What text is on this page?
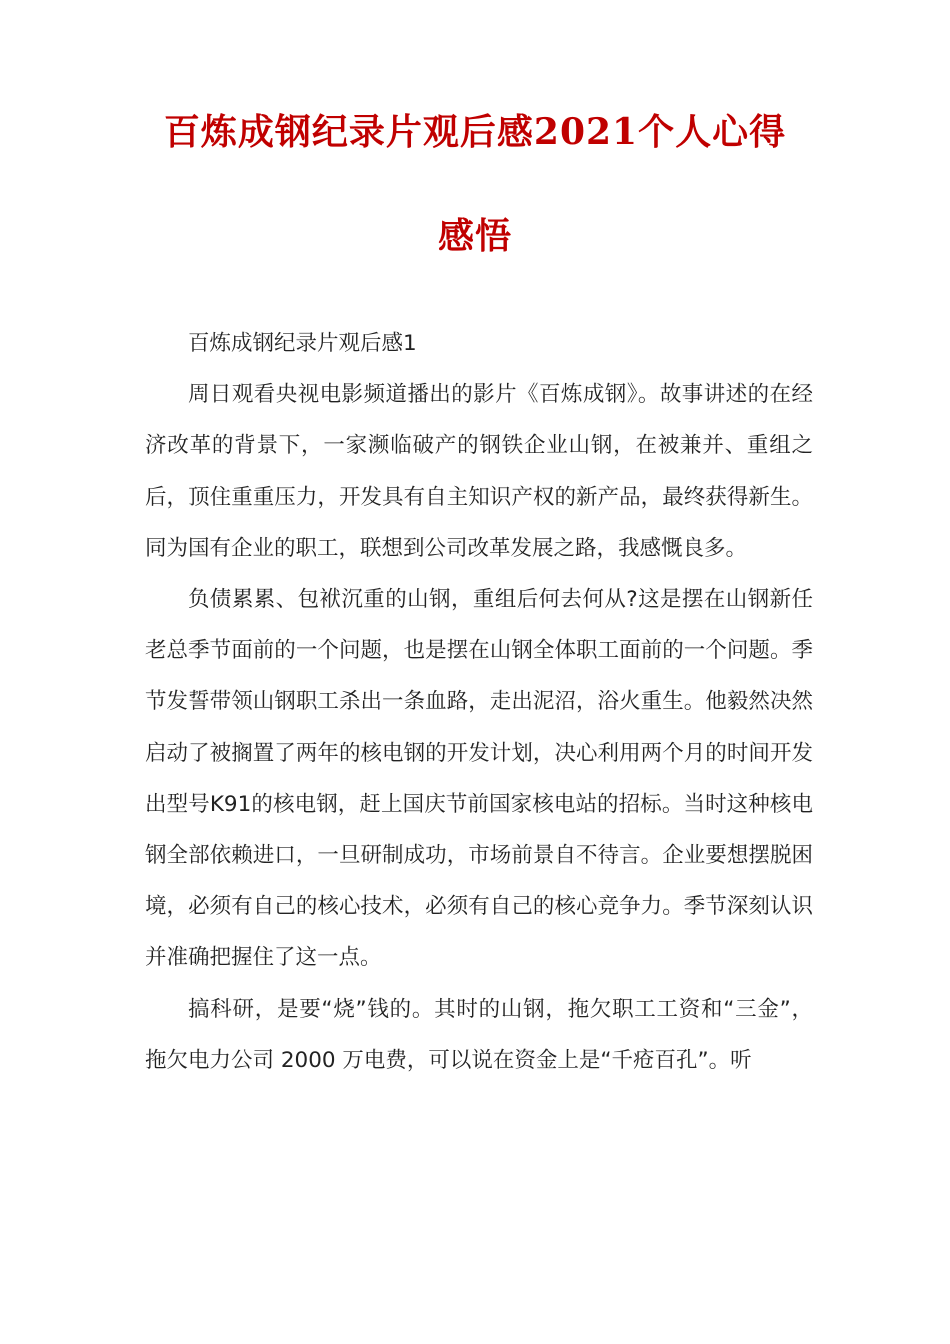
百炼成钢纪录片观后感2021个人心得
感悟

百炼成钢纪录片观后感1

周日观看央视电影频道播出的影片《百炼成钢》。故事讲述的在经济改革的背景下，一家濒临破产的钢铁企业山钢，在被兼并、重组之后，顶住重重压力，开发具有自主知识产权的新产品，最终获得新生。同为国有企业的职工，联想到公司改革发展之路，我感慨良多。

负债累累、包袱沉重的山钢，重组后何去何从?这是摆在山钢新任老总季节面前的一个问题，也是摆在山钢全体职工面前的一个问题。季节发誓带领山钢职工杀出一条血路，走出泥沼，浴火重生。他毅然决然启动了被搁置了两年的核电钢的开发计划，决心利用两个月的时间开发出型号K91的核电钢，赶上国庆节前国家核电站的招标。当时这种核电钢全部依赖进口，一旦研制成功，市场前景自不待言。企业要想摆脱困境，必须有自己的核心技术，必须有自己的核心竞争力。季节深刻认识并准确把握住了这一点。

搞科研，是要“烧”钱的。其时的山钢，拖欠职工工资和“三金”，拖欠电力公司 2000 万电费，可以说在资金上是“千疮百孔”。听
